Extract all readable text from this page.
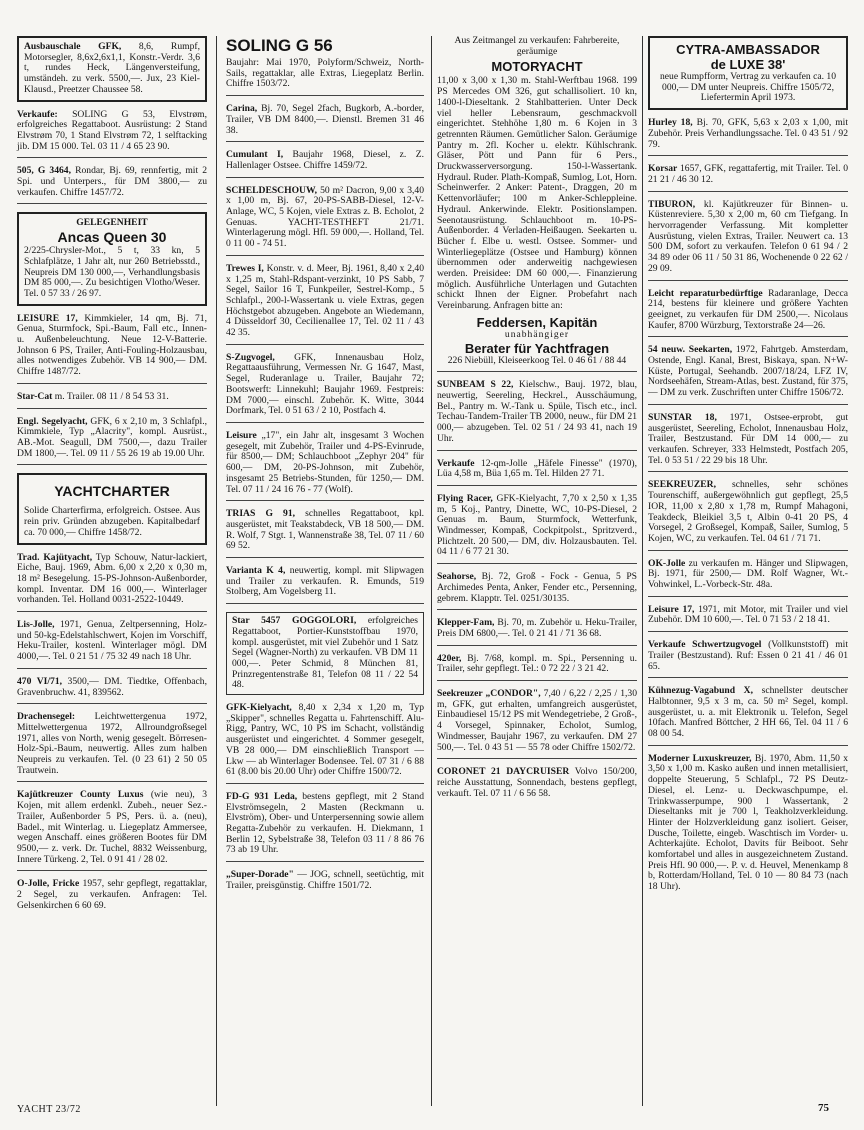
Ausbauschale GFK, 8,6, Rumpf, Motorsegler, 8,6x2,6x1,1, Konstr.-Verdr. 3,6 t, rundes Heck, Längenversteifung, umständeh. zu verk. 5500,—. Jux, 23 Kiel-Klausd., Preetzer Chaussee 58.
Verkaufe: SOLING G 53, Elvstrøm, erfolgreiches Regattaboot. Ausrüstung: 2 Stand Elvstrøm 70, 1 Stand Elvstrøm 72, 1 selftacking jib. DM 15 000. Tel. 03 11 / 4 65 23 90.
505, G 3464, Rondar, Bj. 69, rennfertig, mit 2 Spi. und Unterpers., für DM 3800,— zu verkaufen. Chiffre 1457/72.
GELEGENHEIT
Ancas Queen 30
2/225-Chrysler-Mot., 5 t, 33 kn, 5 Schlafplätze, 1 Jahr alt, nur 260 Betriebsstd., Neupreis DM 130 000,—, Verhandlungsbasis DM 85 000,—. Zu besichtigen Vlotho/Weser. Tel. 0 57 33 / 26 97.
LEISURE 17, Kimmkieler, 14 qm, Bj. 71, Genua, Sturmfock, Spi.-Baum, Fall etc., Innen- u. Außenbeleuchtung. Neue 12-V-Batterie. Johnson 6 PS, Trailer, Anti-Fouling-Holzausbau, alles notwendiges Zubehör. VB 14 900,— DM. Chiffre 1487/72.
Star-Cat m. Trailer. 08 11 / 8 54 53 31.
Engl. Segelyacht, GFK, 6 x 2,10 m, 3 Schlafpl., Kimmkiele, Typ „Alacrity", kompl. Ausrüst., AB.-Mot. Seagull, DM 7500,—, dazu Trailer DM 1800,—. Tel. 09 11 / 55 26 19 ab 19.00 Uhr.
YACHTCHARTER
Solide Charterfirma, erfolgreich. Ostsee. Aus rein priv. Gründen abzugeben. Kapitalbedarf ca. 70 000,— Chiffre 1458/72.
Trad. Kajütyacht, Typ Schouw, Natur-lackiert, Eiche, Bauj. 1969, Abm. 6,00 x 2,20 x 0,30 m, 18 m² Besegelung. 15-PS-Johnson-Außenborder, kompl. Inventar. DM 16 000,—. Winterlager vorhanden. Tel. Holland 0031-2522-10449.
Lis-Jolle, 1971, Genua, Zeltpersenning, Holz- und 50-kg-Edelstahlschwert, Kojen im Vorschiff, Heku-Trailer, kostenl. Winterlager mögl. DM 4000,—. Tel. 0 21 51 / 75 32 49 nach 18 Uhr.
470 VI/71, 3500,— DM. Tiedtke, Offenbach, Gravenbruchw. 41, 839562.
Drachensegel: Leichtwettergenua 1972, Mittelwettergenua 1972, Allroundgroßsegel 1971, alles von North, wenig gesegelt. Börresen-Holz-Spi.-Baum, neuwertig. Alles zum halben Neupreis zu verkaufen. Tel. (0 23 61) 2 50 05 Trautwein.
Kajütkreuzer County Luxus (wie neu), 3 Kojen, mit allem erdenkl. Zubeh., neuer Sez.-Trailer, Außenborder 5 PS, Pers. ü. a. (neu), Badel., mit Winterlag. u. Liegeplatz Ammersee, wegen Anschaff. eines größeren Bootes für DM 9500,— z. verk. Dr. Tuchel, 8832 Weissenburg, Innere Türkeng. 2, Tel. 0 91 41 / 28 02.
O-Jolle, Fricke 1957, sehr gepflegt, regattaklar, 2 Segel, zu verkaufen. Anfragen: Tel. Gelsenkirchen 6 60 69.
SOLING G 56
Baujahr: Mai 1970, Polyform/Schweiz, North-Sails, regattaklar, alle Extras, Liegeplatz Berlin. Chiffre 1503/72.
Carina, Bj. 70, Segel 2fach, Bugkorb, A.-border, Trailer, VB DM 8400,—. Dienstl. Bremen 31 46 38.
Cumulant I, Baujahr 1968, Diesel, z. Z. Hallenlager Ostsee. Chiffre 1459/72.
SCHELDESCHOUW, 50 m² Dacron, 9,00 x 3,40 x 1,00 m, Bj. 67, 20-PS-SABB-Diesel, 12-V-Anlage, WC, 5 Kojen, viele Extras z. B. Echolot, 2 Genuas. YACHT-TESTHEFT 21/71. Winterlagerung mögl. Hfl. 59 000,—. Holland, Tel. 0 11 00 - 74 51.
Trewes I, Konstr. v. d. Meer, Bj. 1961, 8,40 x 2,40 x 1,25 m, Stahl-Rdspant-verzinkt, 10 PS Sabb, 7 Segel, Sailor 16 T, Funkpeiler, Sestrel-Komp., 5 Schlafpl., 200-l-Wassertank u. viele Extras, gegen Höchstgebot abzugeben. Angebote an Wiedemann, 4 Düsseldorf 30, Cecilienallee 17, Tel. 02 11 / 43 42 35.
S-Zugvogel, GFK, Innenausbau Holz, Regattaausführung, Vermessen Nr. G 1647, Mast, Segel, Ruderanlage u. Trailer, Baujahr 72; Bootswerft: Linnekuhl; Baujahr 1969. Festpreis: DM 7000,— einschl. Zubehör. K. Witte, 3044 Dorfmark, Tel. 0 51 63 / 2 10, Postfach 4.
Leisure „17", ein Jahr alt, insgesamt 3 Wochen gesegelt, mit Zubehör, Trailer und 4-PS-Evinrude, für 8500,— DM; Schlauchboot „Zephyr 204" für 600,— DM, 20-PS-Johnson, mit Zubehör, insgesamt 25 Betriebs-Stunden, für 1250,— DM. Tel. 07 11 / 24 16 76 - 77 (Wolf).
TRIAS G 91, schnelles Regattaboot, kpl. ausgerüstet, mit Teakstabdeck, VB 18 500,— DM. R. Wolf, 7 Stgt. 1, Wannenstraße 38, Tel. 07 11 / 60 69 52.
Varianta K 4, neuwertig, kompl. mit Slipwagen und Trailer zu verkaufen. R. Emunds, 519 Stolberg, Am Vogelsberg 11.
Star 5457 GOGGOLORI, erfolgreiches Regattaboot, Portier-Kunststoffbau 1970, kompl. ausgerüstet, mit viel Zubehör und 1 Satz Segel (Wagner-North) zu verkaufen. VB DM 11 000,—. Peter Schmid, 8 München 81, Prinzregentenstraße 81, Telefon 08 11 / 22 54 48.
GFK-Kielyacht, 8,40 x 2,34 x 1,20 m, Typ „Skipper", schnelles Regatta u. Fahrtenschiff. Alu-Rigg, Pantry, WC, 10 PS im Schacht, vollständig ausgerüstet und eingerichtet. 4 Sommer gesegelt, VB 28 000,— DM einschließlich Transport — Lkw — ab Winterlager Bodensee. Tel. 07 31 / 6 88 61 (8.00 bis 20.00 Uhr) oder Chiffre 1500/72.
FD-G 931 Leda, bestens gepflegt, mit 2 Stand Elvströmsegeln, 2 Masten (Reckmann u. Elvström), Ober- und Unterpersenning sowie allem Regatta-Zubehör zu verkaufen. H. Diekmann, 1 Berlin 12, Sybelstraße 38, Telefon 03 11 / 8 86 76 73 ab 19 Uhr.
„Super-Dorade" — JOG, schnell, seetüchtig, mit Trailer, preisgünstig. Chiffre 1501/72.
Aus Zeitmangel zu verkaufen: Fahrbereite, geräumige
MOTORYACHT
11,00 x 3,00 x 1,30 m. Stahl-Werftbau 1968. 199 PS Mercedes OM 326, gut schallisoliert. 10 kn, 1400-l-Dieseltank. 2 Stahlbatterien. Unter Deck viel heller Lebensraum, geschmackvoll eingerichtet. Stehhöhe 1,80 m. 6 Kojen in 3 getrennten Räumen. Gemütlicher Salon. Geräumige Pantry m. 2fl. Kocher u. elektr. Kühlschrank. Gläser, Pött und Pann für 6 Pers., Druckwasserversorgung. 150-l-Wassertank. Hydraul. Ruder. Plath-Kompaß, Sumlog, Lot, Horn. Scheinwerfer. 2 Anker: Patent-, Draggen, 20 m Kettenvorläufer; 100 m Anker-Schleppleine. Hydraul. Ankerwinde. Elektr. Positionslampen. Seenotausrüstung. Schlauchboot m. 10-PS-Außenborder. 4 Verladen-Heißaugen. Seekarten u. Bücher f. Elbe u. westl. Ostsee. Sommer- und Winterliegeplätze (Ostsee und Hamburg) können übernommen oder anderweitig nachgewiesen werden. Preisidee: DM 60 000,—. Finanzierung möglich. Ausführliche Unterlagen und Gutachten schickt Ihnen der Eigner. Probefahrt nach Vereinbarung. Anfragen bitte an:
Feddersen, Kapitän
unabhängiger
Berater für Yachtfragen
226 Niebüll, Kleiseerkoog Tel. 0 46 61 / 88 44
SUNBEAM S 22, Kielschw., Bauj. 1972, blau, neuwertig, Seereling, Heckrel., Ausschäumung, Bel., Pantry m. W.-Tank u. Spüle, Tisch etc., incl. Techau-Tandem-Trailer TB 2000, neuw., für DM 21 000,— abzugeben. Tel. 02 51 / 24 93 41, nach 19 Uhr.
Verkaufe 12-qm-Jolle „Häfele Finesse" (1970), Lüa 4,58 m, Büa 1,65 m. Tel. Hilden 27 71.
Flying Racer, GFK-Kielyacht, 7,70 x 2,50 x 1,35 m, 5 Koj., Pantry, Dinette, WC, 10-PS-Diesel, 2 Genuas m. Baum, Sturmfock, Wetterfunk, Windmesser, Kompaß, Cockpitpolst., Spritzverd., Plichtzelt. 20 500,— DM, div. Holzausbauten. Tel. 04 11 / 6 77 21 30.
Seahorse, Bj. 72, Groß - Fock - Genua, 5 PS Archimedes Penta, Anker, Fender etc., Persenning, gebrem. Klapptr. Tel. 0251/30135.
Klepper-Fam, Bj. 70, m. Zubehör u. Heku-Trailer, Preis DM 6800,—. Tel. 0 21 41 / 71 36 68.
420er, Bj. 7/68, kompl. m. Spi., Persenning u. Trailer, sehr gepflegt. Tel.: 0 72 22 / 3 21 42.
Seekreuzer „CONDOR", 7,40 / 6,22 / 2,25 / 1,30 m, GFK, gut erhalten, umfangreich ausgerüstet, Einbaudiesel 15/12 PS mit Wendegetriebe, 2 Groß-, 4 Vorsegel, Spinnaker, Echolot, Sumlog, Windmesser, Baujahr 1967, zu verkaufen. DM 27 500,—. Tel. 0 43 51 — 55 78 oder Chiffre 1502/72.
CORONET 21 DAYCRUISER Volvo 150/200, reiche Ausstattung, Sonnendach, bestens gepflegt, verkauft. Tel. 07 11 / 6 56 58.
CYTRA-AMBASSADOR
de LUXE 38'
neue Rumpfform, Vertrag zu verkaufen ca. 10 000,— DM unter Neupreis. Chiffre 1505/72, Liefertermin April 1973.
Hurley 18, Bj. 70, GFK, 5,63 x 2,03 x 1,00, mit Zubehör. Preis Verhandlungssache. Tel. 0 43 51 / 92 79.
Korsar 1657, GFK, regattafertig, mit Trailer. Tel. 0 21 21 / 46 30 12.
TIBURON, kl. Kajütkreuzer für Binnen- u. Küstenreviere. 5,30 x 2,00 m, 60 cm Tiefgang. In hervorragender Verfassung. Mit kompletter Ausrüstung, vielen Extras, Trailer. Neuwert ca. 13 500 DM, sofort zu verkaufen. Telefon 0 61 94 / 2 34 89 oder 06 11 / 50 31 86, Wochenende 0 22 62 / 29 09.
Leicht reparaturbedürftige Radaranlage, Decca 214, bestens für kleinere und größere Yachten geeignet, zu verkaufen für DM 2500,—. Nicolaus Kaufer, 8700 Würzburg, Textorstraße 24—26.
54 neuw. Seekarten, 1972, Fahrtgeb. Amsterdam, Ostende, Engl. Kanal, Brest, Biskaya, span. N+W-Küste, Portugal, Seehandb. 2007/18/24, LFZ IV, Nordseehäfen, Stream-Atlas, best. Zustand, für 375,— DM zu verk. Zuschriften unter Chiffre 1506/72.
SUNSTAR 18, 1971, Ostsee-erprobt, gut ausgerüstet, Seereling, Echolot, Innenausbau Holz, Trailer, Bestzustand. Für DM 14 000,— zu verkaufen. Schreyer, 333 Helmstedt, Postfach 205, Tel. 0 53 51 / 22 29 bis 18 Uhr.
SEEKREUZER, schnelles, sehr schönes Tourenschiff, außergewöhnlich gut gepflegt, 25,5 IOR, 11,00 x 2,80 x 1,78 m, Rumpf Mahagoni, Teakdeck, Bleikiel 3,5 t, Albin 0-41 20 PS, 4 Vorsegel, 2 Großsegel, Kompaß, Sailer, Sumlog, 5 Kojen, WC, zu verkaufen. Tel. 04 61 / 71 71.
OK-Jolle zu verkaufen m. Hänger und Slipwagen, Bj. 1971, für 2500,— DM. Rolf Wagner, Wt.-Vohwinkel, L.-Vorbeck-Str. 48a.
Leisure 17, 1971, mit Motor, mit Trailer und viel Zubehör. DM 10 600,—. Tel. 0 71 53 / 2 18 41.
Verkaufe Schwertzugvogel (Vollkunststoff) mit Trailer (Bestzustand). Ruf: Essen 0 21 41 / 46 01 65.
Kühnezug-Vagabund X, schnellster deutscher Halbtonner, 9,5 x 3 m, ca. 50 m² Segel, kompl. ausgerüstet, u. a. mit Elektronik u. Telefon, Segel 10fach. Manfred Böttcher, 2 HH 66, Tel. 04 11 / 6 08 00 54.
Moderner Luxuskreuzer, Bj. 1970, Abm. 11,50 x 3,50 x 1,00 m. Kasko außen und innen metallisiert, doppelte Steuerung, 5 Schlafpl., 72 PS Deutz-Diesel, el. Lenz- u. Deckwaschpumpe, el. Trinkwasserpumpe, 900 l Wassertank, 2 Dieseltanks mit je 700 l, Teakholzverkleidung. Hinter der Holzverkleidung ganz isoliert. Geiser, Dusche, Toilette, eingeb. Waschtisch im Vorder- u. Achterkajüte. Echolot, Davits für Beiboot. Sehr komfortabel und alles in ausgezeichnetem Zustand. Preis Hfl. 90 000,—. P. v. d. Heuvel, Menenkamp 8 b, Rotterdam/Holland, Tel. 0 10 — 80 84 73 (nach 18 Uhr).
YACHT 23/72	75
